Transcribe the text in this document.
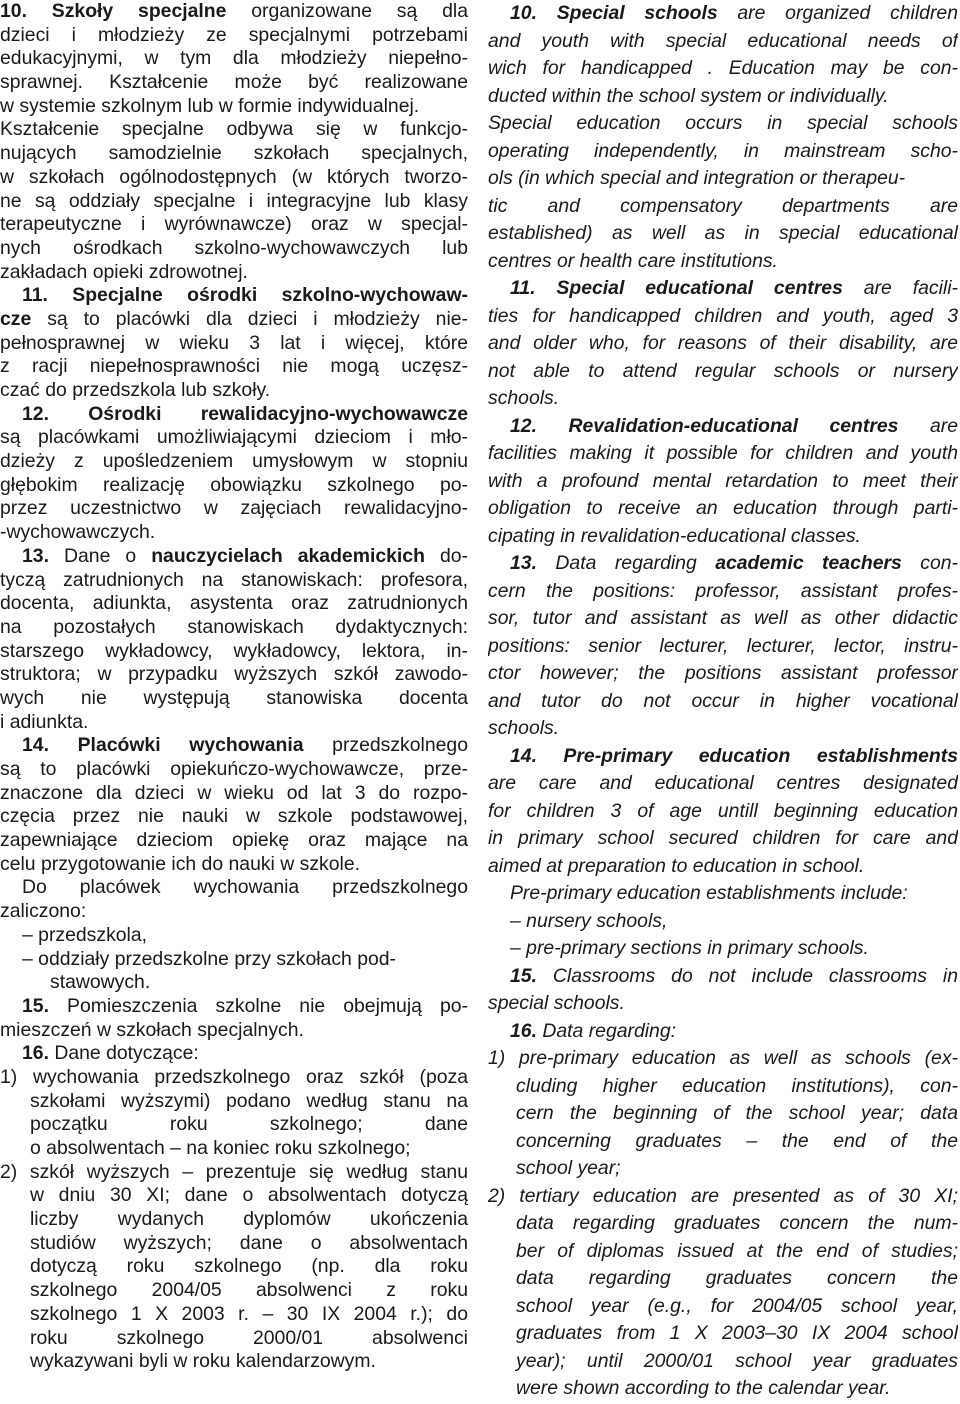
10. Szkoły specjalne organizowane są dla
dzieci i młodzieży ze specjalnymi potrzebami
edukacyjnymi, w tym dla młodzieży niepełno-
sprawnej. Kształcenie może być realizowane
w systemie szkolnym lub w formie indywidualnej.
Kształcenie specjalne odbywa się w funkcjo-
nujących samodzielnie szkołach specjalnych,
w szkołach ogólnodostępnych (w których tworzo-
ne są oddziały specjalne i integracyjne lub klasy
terapeutyczne i wyrównawcze) oraz w specjal-
nych ośrodkach szkolno-wychowawczych lub
zakładach opieki zdrowotnej.
11. Specjalne ośrodki szkolno-wychowaw-
cze są to placówki dla dzieci i młodzieży nie-
pełnosprawnej w wieku 3 lat i więcej, które
z racji niepełnosprawności nie mogą uczęsz-
czać do przedszkola lub szkoły.
12. Ośrodki rewalidacyjno-wychowawcze
są placówkami umożliwiającymi dzieciom i mło-
dzieży z upośledzeniem umysłowym w stopniu
głębokim realizację obowiązku szkolnego po-
przez uczestnictwo w zajęciach rewalidacyjno-
-wychowawczych.
13. Dane o nauczycielach akademickich do-
tyczą zatrudnionych na stanowiskach: profesora,
docenta, adiunkta, asystenta oraz zatrudnionych
na pozostałych stanowiskach dydaktycznych:
starszego wykładowcy, wykładowcy, lektora, in-
struktora; w przypadku wyższych szkół zawodo-
wych nie występują stanowiska docenta
i adiunkta.
14. Placówki wychowania przedszkolnego
są to placówki opiekuńczo-wychowawcze, prze-
znaczone dla dzieci w wieku od lat 3 do rozpo-
częcia przez nie nauki w szkole podstawowej,
zapewniające dzieciom opiekę oraz mające na
celu przygotowanie ich do nauki w szkole.
Do placówek wychowania przedszkolnego
zaliczono:
– przedszkola,
– oddziały przedszkolne przy szkołach pod-
stawowych.
15. Pomieszczenia szkolne nie obejmują po-
mieszczeń w szkołach specjalnych.
16. Dane dotyczące:
1) wychowania przedszkolnego oraz szkół (poza
szkołami wyższymi) podano według stanu na
początku roku szkolnego; dane
o absolwentach – na koniec roku szkolnego;
2) szkół wyższych – prezentuje się według stanu
w dniu 30 XI; dane o absolwentach dotyczą
liczby wydanych dyplomów ukończenia
studiów wyższych; dane o absolwentach
dotyczą roku szkolnego (np. dla roku
szkolnego 2004/05 absolwenci z roku
szkolnego 1 X 2003 r. – 30 IX 2004 r.); do
roku szkolnego 2000/01 absolwenci
wykazywani byli w roku kalendarzowym.
10. Special schools are organized children
and youth with special educational needs of
wich for handicapped . Education may be con-
ducted within the school system or individually.
Special education occurs in special schools
operating independently, in mainstream scho-
ols (in which special and integration or therapeu-
tic and compensatory departments are
established) as well as in special educational
centres or health care institutions.
11. Special educational centres are facili-
ties for handicapped children and youth, aged 3
and older who, for reasons of their disability, are
not able to attend regular schools or nursery
schools.
12. Revalidation-educational centres are
facilities making it possible for children and youth
with a profound mental retardation to meet their
obligation to receive an education through parti-
cipating in revalidation-educational classes.
13. Data regarding academic teachers con-
cern the positions: professor, assistant profes-
sor, tutor and assistant as well as other didactic
positions: senior lecturer, lecturer, lector, instru-
ctor however; the positions assistant professor
and tutor do not occur in higher vocational
schools.
14. Pre-primary education establishments
are care and educational centres designated
for children 3 of age untill beginning education
in primary school secured children for care and
aimed at preparation to education in school.
Pre-primary education establishments include:
– nursery schools,
– pre-primary sections in primary schools.
15. Classrooms do not include classrooms in
special schools.
16. Data regarding:
1) pre-primary education as well as schools (ex-
cluding higher education institutions), con-
cern the beginning of the school year; data
concerning graduates – the end of the
school year;
2) tertiary education are presented as of 30 XI;
data regarding graduates concern the num-
ber of diplomas issued at the end of studies;
data regarding graduates concern the
school year (e.g., for 2004/05 school year,
graduates from 1 X 2003–30 IX 2004 school
year); until 2000/01 school year graduates
were shown according to the calendar year.
